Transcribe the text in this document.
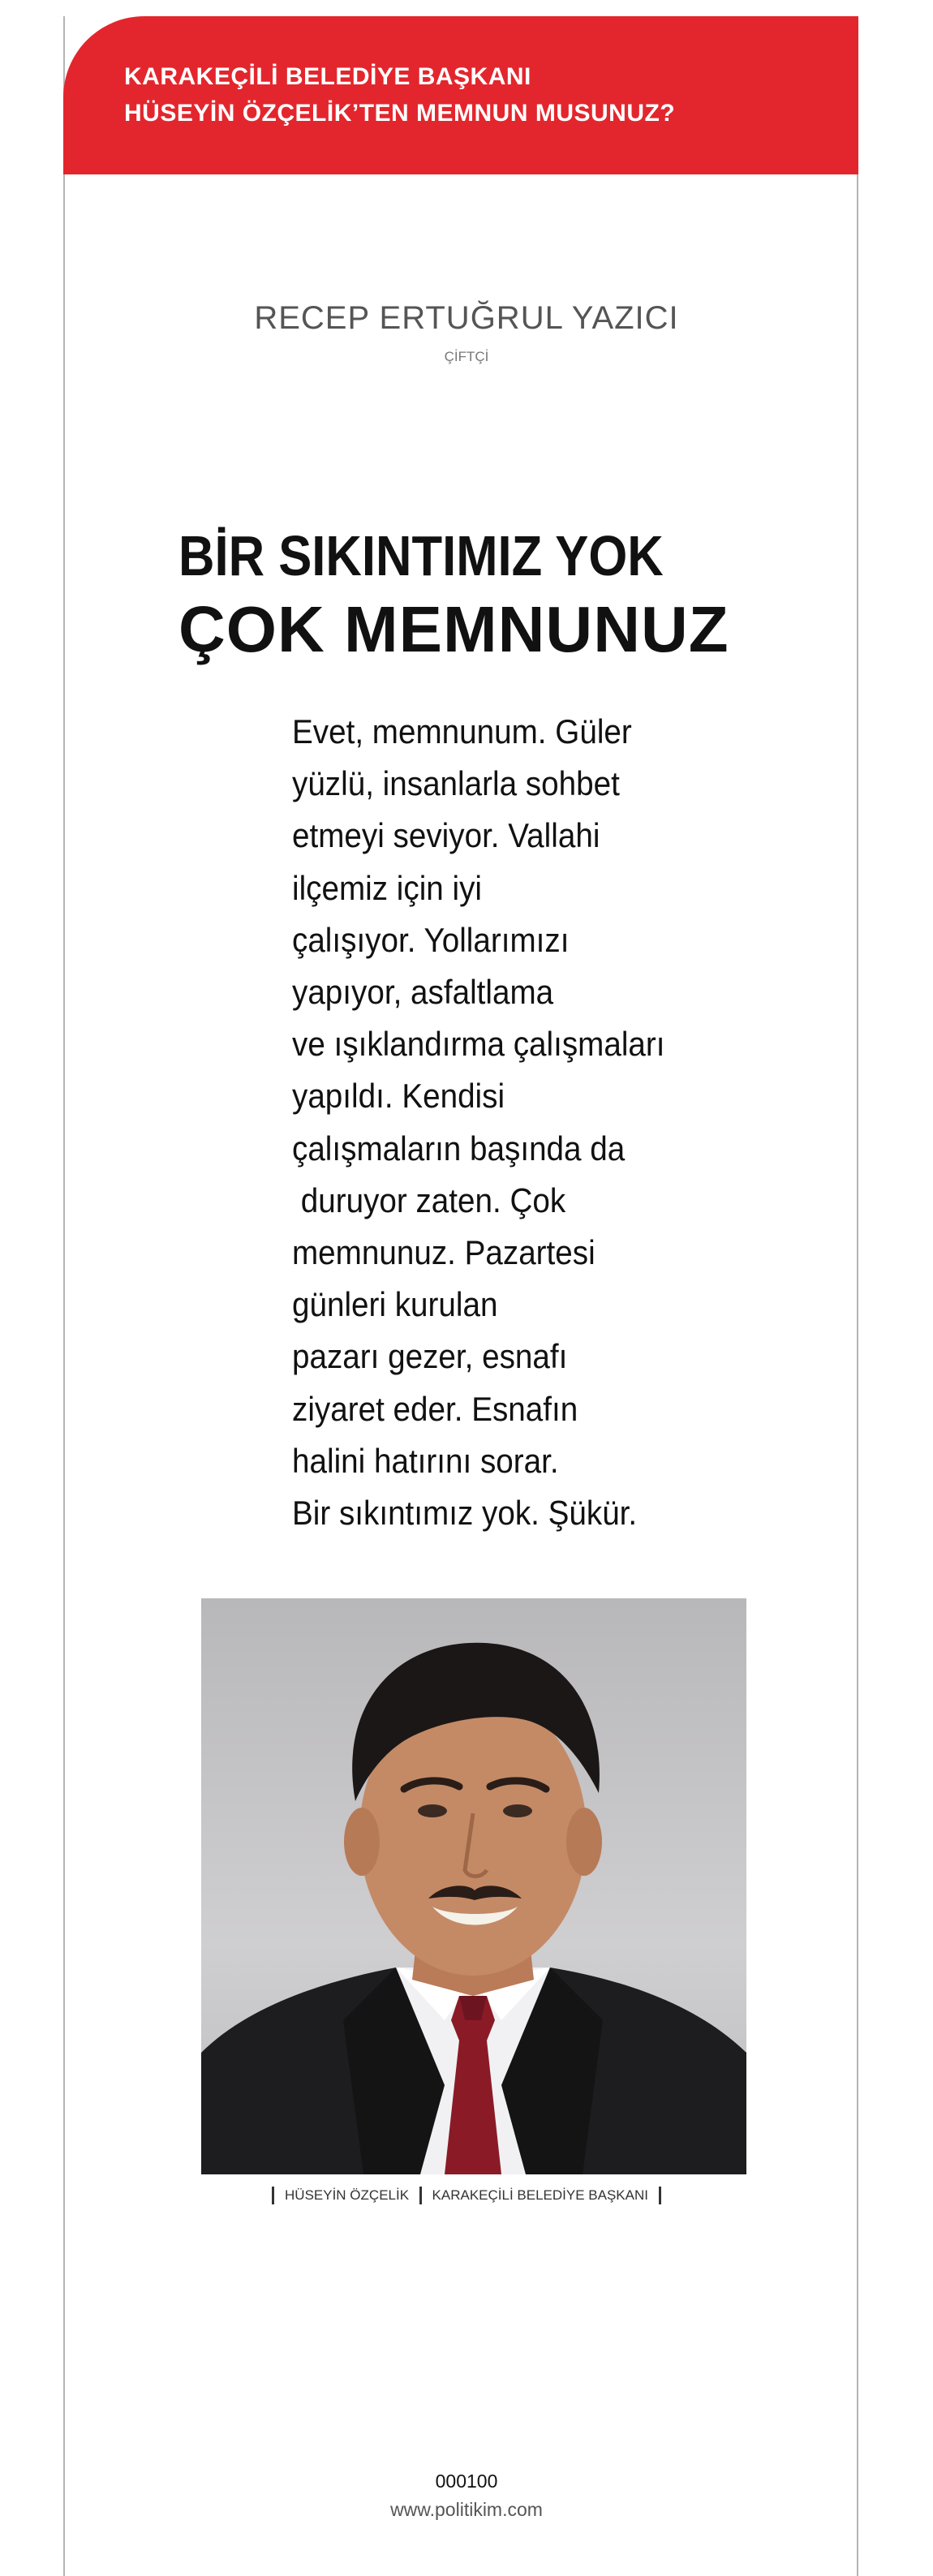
KARAKEÇİLİ BELEDİYE BAŞKANI
HÜSEYİN ÖZÇELİK’TEN MEMNUN MUSUNUZ?
RECEP ERTUĞRUL YAZICI
ÇİFTÇİ
BİR SIKINTIMIZ YOK
ÇOK MEMNUNUZ
Evet, memnunum. Güler
yüzlü, insanlarla sohbet
etmeyi seviyor. Vallahi
ilçemiz için iyi
çalışıyor. Yollarımızı
yapıyor, asfaltlama
ve ışıklandırma çalışmaları
yapıldı. Kendisi
çalışmaların başında da
duruyor zaten. Çok
memnunuz. Pazartesi
günleri kurulan
pazarı gezer, esnafı
ziyaret eder. Esnafın
halini hatırını sorar.
Bir sıkıntımız yok. Şükür.
HÜSEYİN ÖZÇELİK KARAKEÇİLİ BELEDİYE BAŞKANI
000100
www.politikim.com
